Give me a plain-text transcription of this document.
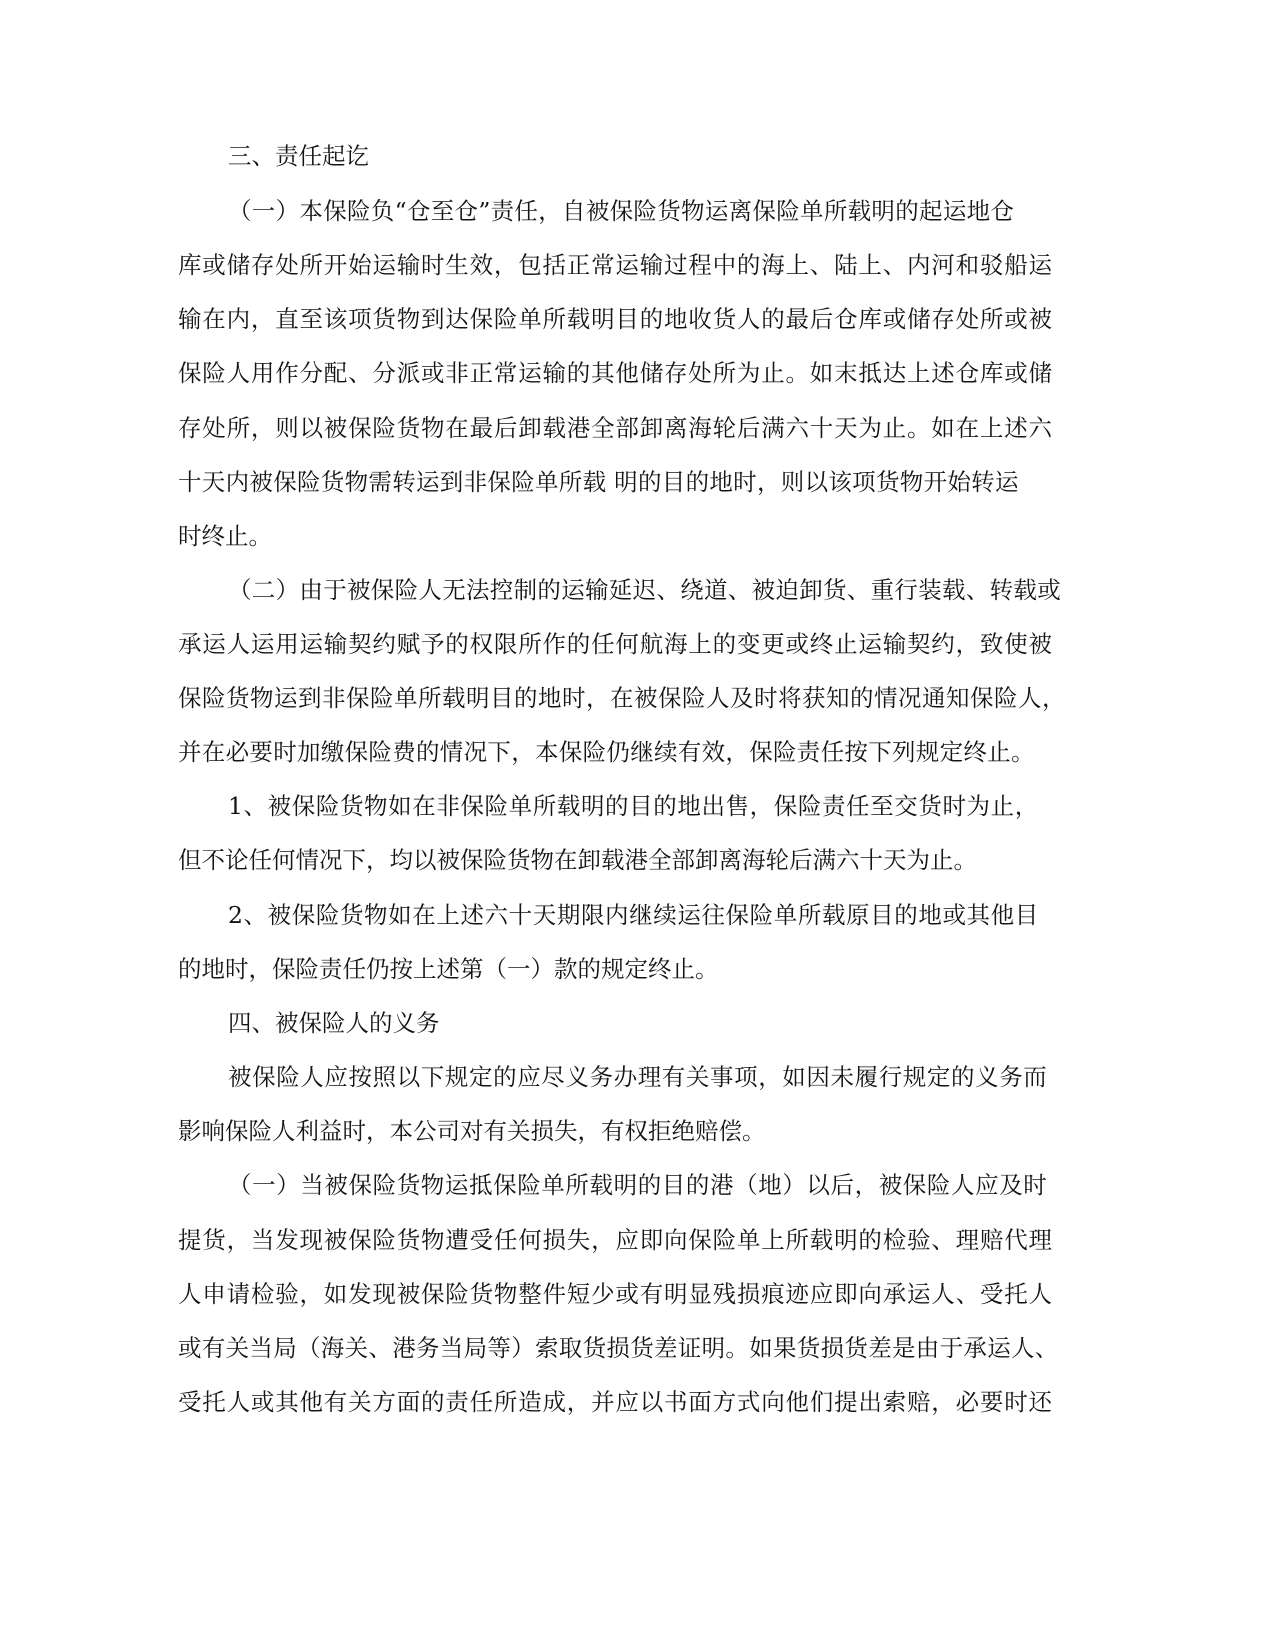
三、责任起讫
（一）本保险负“仓至仓”责任，自被保险货物运离保险单所载明的起运地仓
库或储存处所开始运输时生效，包括正常运输过程中的海上、陆上、内河和驳船运
输在内，直至该项货物到达保险单所载明目的地收货人的最后仓库或储存处所或被
保险人用作分配、分派或非正常运输的其他储存处所为止。如末抵达上述仓库或储
存处所，则以被保险货物在最后卸载港全部卸离海轮后满六十天为止。如在上述六
十天内被保险货物需转运到非保险单所载 明的目的地时，则以该项货物开始转运
时终止。
（二）由于被保险人无法控制的运输延迟、绕道、被迫卸货、重行装载、转载或
承运人运用运输契约赋予的权限所作的任何航海上的变更或终止运输契约，致使被
保险货物运到非保险单所载明目的地时，在被保险人及时将获知的情况通知保险人，
并在必要时加缴保险费的情况下，本保险仍继续有效，保险责任按下列规定终止。
1、被保险货物如在非保险单所载明的目的地出售，保险责任至交货时为止，
但不论任何情况下，均以被保险货物在卸载港全部卸离海轮后满六十天为止。
2、被保险货物如在上述六十天期限内继续运往保险单所载原目的地或其他目
的地时，保险责任仍按上述第（一）款的规定终止。
四、被保险人的义务
被保险人应按照以下规定的应尽义务办理有关事项，如因未履行规定的义务而
影响保险人利益时，本公司对有关损失，有权拒绝赔偿。
（一）当被保险货物运抵保险单所载明的目的港（地）以后，被保险人应及时
提货，当发现被保险货物遭受任何损失，应即向保险单上所载明的检验、理赔代理
人申请检验，如发现被保险货物整件短少或有明显残损痕迹应即向承运人、受托人
或有关当局（海关、港务当局等）索取货损货差证明。如果货损货差是由于承运人、
受托人或其他有关方面的责任所造成，并应以书面方式向他们提出索赔，必要时还
